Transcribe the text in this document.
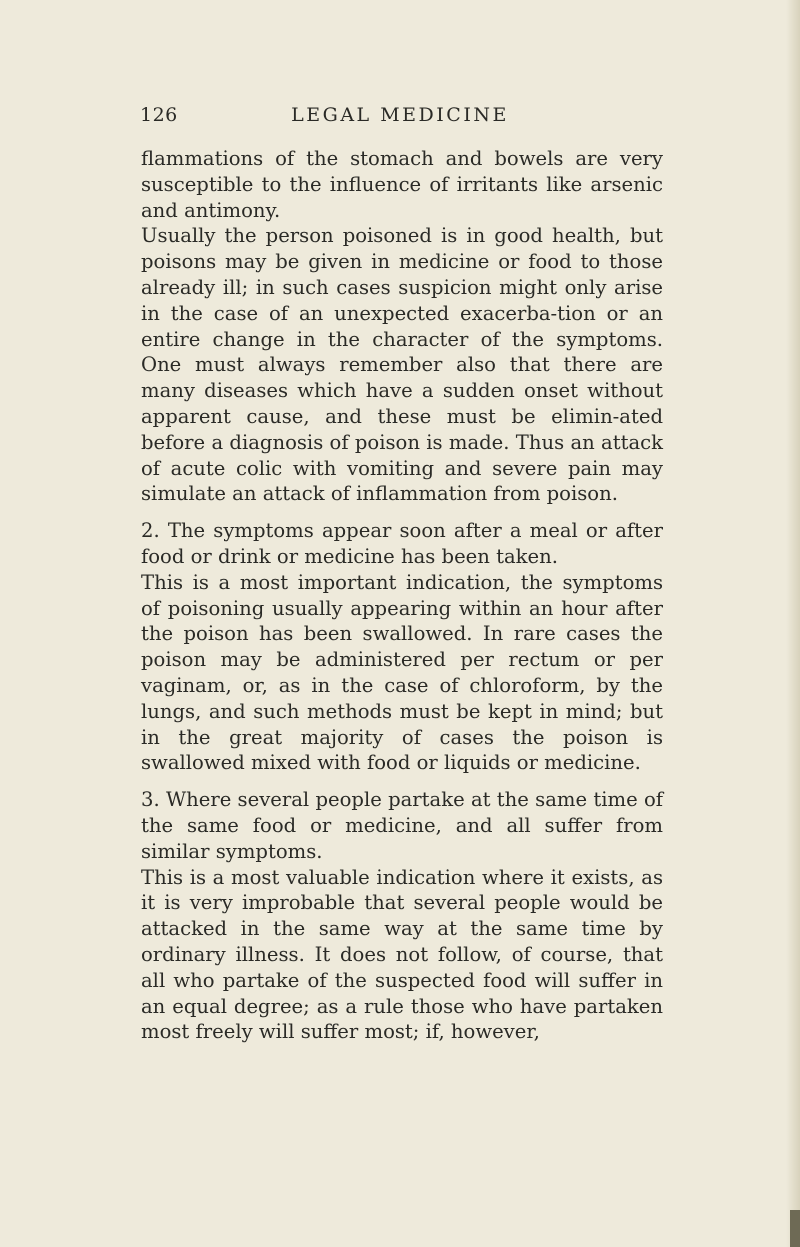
126	LEGAL MEDICINE

flammations of the stomach and bowels are very susceptible to the influence of irritants like arsenic and antimony.

Usually the person poisoned is in good health, but poisons may be given in medicine or food to those already ill; in such cases suspicion might only arise in the case of an unexpected exacerba-tion or an entire change in the character of the symptoms. One must always remember also that there are many diseases which have a sudden onset without apparent cause, and these must be elimin-ated before a diagnosis of poison is made. Thus an attack of acute colic with vomiting and severe pain may simulate an attack of inflammation from poison.

2. The symptoms appear soon after a meal or after food or drink or medicine has been taken.

This is a most important indication, the symptoms of poisoning usually appearing within an hour after the poison has been swallowed. In rare cases the poison may be administered per rectum or per vaginam, or, as in the case of chloroform, by the lungs, and such methods must be kept in mind; but in the great majority of cases the poison is swallowed mixed with food or liquids or medicine.

3. Where several people partake at the same time of the same food or medicine, and all suffer from similar symptoms.

This is a most valuable indication where it exists, as it is very improbable that several people would be attacked in the same way at the same time by ordinary illness. It does not follow, of course, that all who partake of the suspected food will suffer in an equal degree; as a rule those who have partaken most freely will suffer most; if, however,
